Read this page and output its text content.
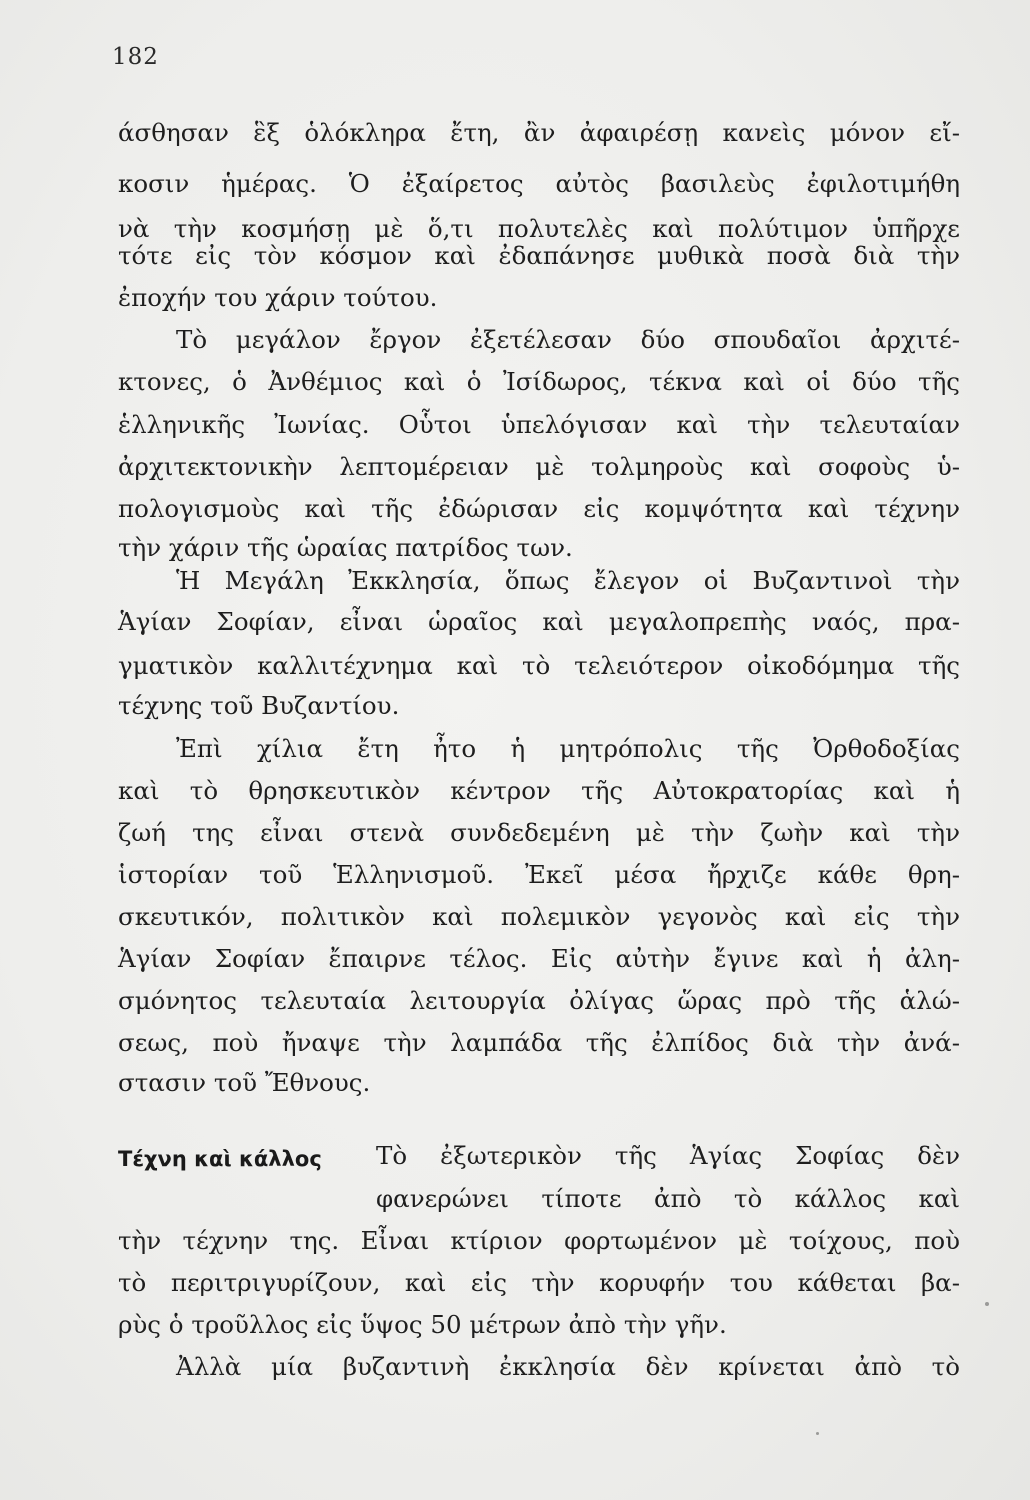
182
άσθησαν ἓξ ὁλόκληρα ἔτη, ἂν ἀφαιρέσῃ κανεὶς μόνον εἴ-
κοσιν ἡμέρας. Ὁ ἐξαίρετος αὐτὸς βασιλεὺς ἐφιλοτιμήθη
νὰ τὴν κοσμήσῃ μὲ ὅ,τι πολυτελὲς καὶ πολύτιμον ὑπῆρχε
τότε εἰς τὸν κόσμον καὶ ἐδαπάνησε μυθικὰ ποσὰ διὰ τὴν
ἐποχήν του χάριν τούτου.
Τὸ μεγάλον ἔργον ἐξετέλεσαν δύο σπουδαῖοι ἀρχιτέ-
κτονες, ὁ Ἀνθέμιος καὶ ὁ Ἰσίδωρος, τέκνα καὶ οἱ δύο τῆς
ἑλληνικῆς Ἰωνίας. Οὗτοι ὑπελόγισαν καὶ τὴν τελευταίαν
ἀρχιτεκτονικὴν λεπτομέρειαν μὲ τολμηροὺς καὶ σοφοὺς ὑ-
πολογισμοὺς καὶ τῆς ἐδώρισαν εἰς κομψότητα καὶ τέχνην
τὴν χάριν τῆς ὡραίας πατρίδος των.
Ἡ Μεγάλη Ἐκκλησία, ὅπως ἔλεγον οἱ Βυζαντινοὶ τὴν
Ἁγίαν Σοφίαν, εἶναι ὡραῖος καὶ μεγαλοπρεπὴς ναός, πρα-
γματικὸν καλλιτέχνημα καὶ τὸ τελειότερον οἰκοδόμημα τῆς
τέχνης τοῦ Βυζαντίου.
Ἐπὶ χίλια ἔτη ἦτο ἡ μητρόπολις τῆς Ὀρθοδοξίας
καὶ τὸ θρησκευτικὸν κέντρον τῆς Αὐτοκρατορίας καὶ ἡ
ζωή της εἶναι στενὰ συνδεδεμένη μὲ τὴν ζωὴν καὶ τὴν
ἱστορίαν τοῦ Ἑλληνισμοῦ. Ἐκεῖ μέσα ἤρχιζε κάθε θρη-
σκευτικόν, πολιτικὸν καὶ πολεμικὸν γεγονὸς καὶ εἰς τὴν
Ἁγίαν Σοφίαν ἔπαιρνε τέλος. Εἰς αὐτὴν ἔγινε καὶ ἡ ἀλη-
σμόνητος τελευταία λειτουργία ὀλίγας ὥρας πρὸ τῆς ἁλώ-
σεως, ποὺ ἤναψε τὴν λαμπάδα τῆς ἐλπίδος διὰ τὴν ἀνά-
στασιν τοῦ Ἔθνους.
Τέχνη καὶ κάλλος Τὸ ἐξωτερικὸν τῆς Ἁγίας Σοφίας δὲν
φανερώνει τίποτε ἀπὸ τὸ κάλλος καὶ
τὴν τέχνην της. Εἶναι κτίριον φορτωμένον μὲ τοίχους, ποὺ
τὸ περιτριγυρίζουν, καὶ εἰς τὴν κορυφήν του κάθεται βα-
ρὺς ὁ τροῦλλος εἰς ὕψος 50 μέτρων ἀπὸ τὴν γῆν.
Ἀλλὰ μία βυζαντινὴ ἐκκλησία δὲν κρίνεται ἀπὸ τὸ
